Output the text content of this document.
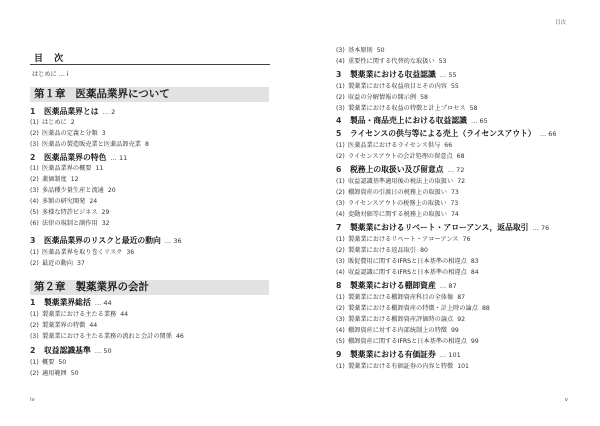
目次
iv	v
目 次
はじめに … i
第１章 医薬品業界について
1 医薬品業界とは … 2
(1) はじめに 2
(2) 医薬品の定義と分類 3
(3) 医薬品の製造販売業と医薬品卸売業 8
2 医薬品業界の特色 … 11
(1) 医薬品業界の概要 11
(2) 薬価制度 12
(3) 多品種少量生産と流通 20
(4) 多額の研究開発 24
(5) 多様な特許ビジネス 29
(6) 法律の規制と副作用 32
3 医薬品業界のリスクと最近の動向 … 36
(1) 医薬品業界を取り巻くリスク 36
(2) 最近の動向 37
第２章 製薬業界の会計
1 製薬業界総括 … 44
(1) 製薬業における主たる業務 44
(2) 製薬業界の特徴 44
(3) 製薬業における主たる業務の流れと会計の関係 46
2 収益認識基準 … 50
(1) 概要 50
(2) 適用範囲 50
(3) 基本原則 50
(4) 重要性に関する代替的な取扱い 53
3 製薬業における収益認識 … 55
(1) 製薬業における収益項目とその内容 55
(2) 収益の分解情報の開示例 58
(3) 製薬業における収益の特徴と計上プロセス 58
4 製品・商品売上における収益認識 … 65
5 ライセンスの供与等による売上（ライセンスアウト） … 66
(1) 医薬品業におけるライセンス供与 66
(2) ライセンスアウトの会計処理の留意点 68
6 税務上の取扱い及び留意点 … 72
(1) 収益認識基準適用後の税法上の取扱い 72
(2) 棚卸資産の引渡日の税務上の取扱い 73
(3) ライセンスアウトの税務上の取扱い 73
(4) 変動対価等に関する税務上の取扱い 74
7 製薬業におけるリベート・アローアンス，返品取引 … 76
(1) 製薬業におけるリベート・アローアンス 76
(2) 製薬業における返品取引 80
(3) 販促費用に関するIFRSと日本基準の相違点 83
(4) 収益認識に関するIFRSと日本基準の相違点 84
8 製薬業における棚卸資産 … 87
(1) 製薬業における棚卸資産科目の全体像 87
(2) 製薬業における棚卸資産の特徴・計上時の論点 88
(3) 製薬業における棚卸資産評価時の論点 92
(4) 棚卸資産に対する内部統制上の特徴 99
(5) 棚卸資産に関するIFRSと日本基準の相違点 99
9 製薬業における有価証券 … 101
(1) 製薬業における有価証券の内容と特徴 101
